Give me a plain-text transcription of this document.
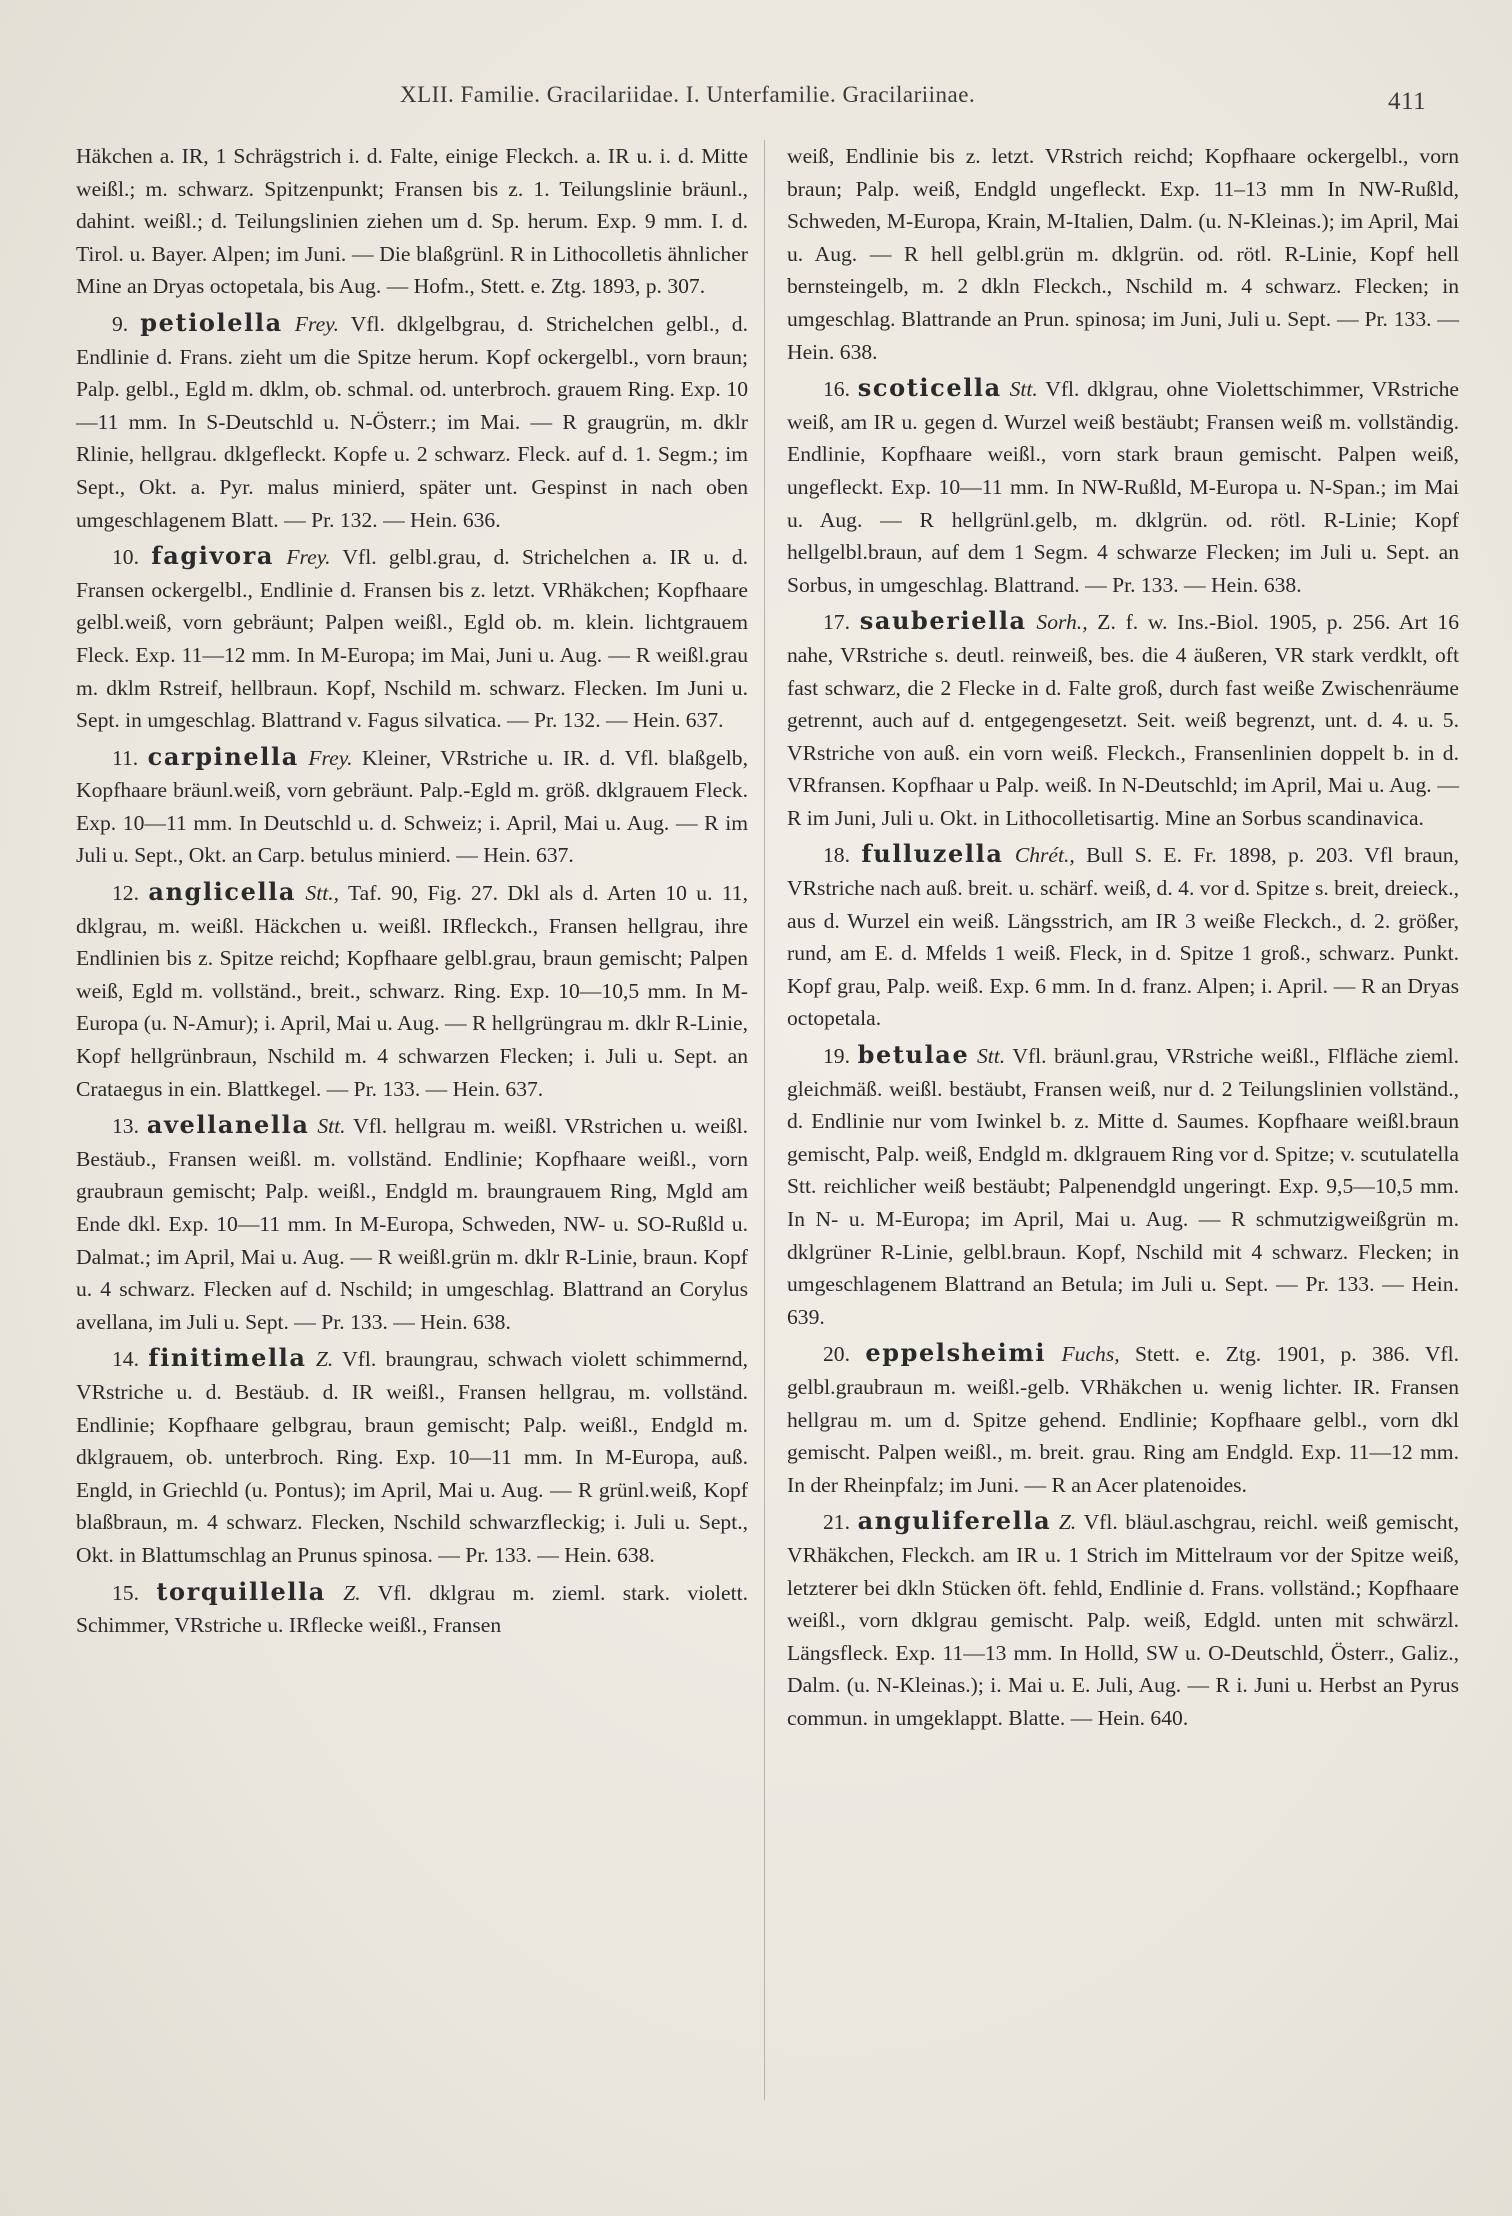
XLII. Familie. Gracilariidae. I. Unterfamilie. Gracilariinae.	411

Häkchen a. IR, 1 Schrägstrich i. d. Falte, einige Fleckch. a. IR u. i. d. Mitte weißl.; m. schwarz. Spitzenpunkt; Fransen bis z. 1. Teilungslinie bräunl., dahint. weißl.; d. Teilungslinien ziehen um d. Sp. herum. Exp. 9 mm. I. d. Tirol. u. Bayer. Alpen; im Juni. — Die blaßgrünl. R in Lithocolletis ähnlicher Mine an Dryas octopetala, bis Aug. — Hofm., Stett. e. Ztg. 1893, p. 307.

9. petiolella Frey. Vfl. dklgelbgrau, d. Strichelchen gelbl., d. Endlinie d. Frans. zieht um die Spitze herum. Kopf ockergelbl., vorn braun; Palp. gelbl., Egld m. dklm, ob. schmal. od. unterbroch. grauem Ring. Exp. 10—11 mm. In S-Deutschld u. N-Österr.; im Mai. — R graugrün, m. dklr Rlinie, hellgrau. dklgefleckt. Kopfe u. 2 schwarz. Fleck. auf d. 1. Segm.; im Sept., Okt. a. Pyr. malus minierd, später unt. Gespinst in nach oben umgeschlagenem Blatt. — Pr. 132. — Hein. 636.

10. fagivora Frey. Vfl. gelbl.grau, d. Strichelchen a. IR u. d. Fransen ockergelbl., Endlinie d. Fransen bis z. letzt. VRhäkchen; Kopfhaare gelbl.weiß, vorn gebräunt; Palpen weißl., Egld ob. m. klein. lichtgrauem Fleck. Exp. 11—12 mm. In M-Europa; im Mai, Juni u. Aug. — R weißl.grau m. dklm Rstreif, hellbraun. Kopf, Nschild m. schwarz. Flecken. Im Juni u. Sept. in umgeschlag. Blattrand v. Fagus silvatica. — Pr. 132. — Hein. 637.

11. carpinella Frey. Kleiner, VRstriche u. IR. d. Vfl. blaßgelb, Kopfhaare bräunl.weiß, vorn gebräunt. Palp.-Egld m. größ. dklgrauem Fleck. Exp. 10—11 mm. In Deutschld u. d. Schweiz; i. April, Mai u. Aug. — R im Juli u. Sept., Okt. an Carp. betulus minierd. — Hein. 637.

12. anglicella Stt., Taf. 90, Fig. 27. Dkl als d. Arten 10 u. 11, dklgrau, m. weißl. Häckchen u. weißl. IRfleckch., Fransen hellgrau, ihre Endlinien bis z. Spitze reichd; Kopfhaare gelbl.grau, braun gemischt; Palpen weiß, Egld m. vollständ., breit., schwarz. Ring. Exp. 10—10,5 mm. In M-Europa (u. N-Amur); i. April, Mai u. Aug. — R hellgrüngrau m. dklr R-Linie, Kopf hellgrünbraun, Nschild m. 4 schwarzen Flecken; i. Juli u. Sept. an Crataegus in ein. Blattkegel. — Pr. 133. — Hein. 637.

13. avellanella Stt. Vfl. hellgrau m. weißl. VRstrichen u. weißl. Bestäub., Fransen weißl. m. vollständ. Endlinie; Kopfhaare weißl., vorn graubraun gemischt; Palp. weißl., Endgld m. braungrauem Ring, Mgld am Ende dkl. Exp. 10—11 mm. In M-Europa, Schweden, NW- u. SO-Rußld u. Dalmat.; im April, Mai u. Aug. — R weißl.grün m. dklr R-Linie, braun. Kopf u. 4 schwarz. Flecken auf d. Nschild; in umgeschlag. Blattrand an Corylus avellana, im Juli u. Sept. — Pr. 133. — Hein. 638.

14. finitimella Z. Vfl. braungrau, schwach violett schimmernd, VRstriche u. d. Bestäub. d. IR weißl., Fransen hellgrau, m. vollständ. Endlinie; Kopfhaare gelbgrau, braun gemischt; Palp. weißl., Endgld m. dklgrauem, ob. unterbroch. Ring. Exp. 10—11 mm. In M-Europa, auß. Engld, in Griechld (u. Pontus); im April, Mai u. Aug. — R grünl.weiß, Kopf blaßbraun, m. 4 schwarz. Flecken, Nschild schwarzfleckig; i. Juli u. Sept., Okt. in Blattumschlag an Prunus spinosa. — Pr. 133. — Hein. 638.

15. torquillella Z. Vfl. dklgrau m. zieml. stark. violett. Schimmer, VRstriche u. IRflecke weißl., Fransen

weiß, Endlinie bis z. letzt. VRstrich reichd; Kopfhaare ockergelbl., vorn braun; Palp. weiß, Endgld ungefleckt. Exp. 11–13 mm In NW-Rußld, Schweden, M-Europa, Krain, M-Italien, Dalm. (u. N-Kleinas.); im April, Mai u. Aug. — R hell gelbl.grün m. dklgrün. od. rötl. R-Linie, Kopf hell bernsteingelb, m. 2 dkln Fleckch., Nschild m. 4 schwarz. Flecken; in umgeschlag. Blattrande an Prun. spinosa; im Juni, Juli u. Sept. — Pr. 133. — Hein. 638.

16. scoticella Stt. Vfl. dklgrau, ohne Violettschimmer, VRstriche weiß, am IR u. gegen d. Wurzel weiß bestäubt; Fransen weiß m. vollständig. Endlinie, Kopfhaare weißl., vorn stark braun gemischt. Palpen weiß, ungefleckt. Exp. 10—11 mm. In NW-Rußld, M-Europa u. N-Span.; im Mai u. Aug. — R hellgrünl.gelb, m. dklgrün. od. rötl. R-Linie; Kopf hellgelbl.braun, auf dem 1 Segm. 4 schwarze Flecken; im Juli u. Sept. an Sorbus, in umgeschlag. Blattrand. — Pr. 133. — Hein. 638.

17. sauberiella Sorh., Z. f. w. Ins.-Biol. 1905, p. 256. Art 16 nahe, VRstriche s. deutl. reinweiß, bes. die 4 äußeren, VR stark verdklt, oft fast schwarz, die 2 Flecke in d. Falte groß, durch fast weiße Zwischenräume getrennt, auch auf d. entgegengesetzt. Seit. weiß begrenzt, unt. d. 4. u. 5. VRstriche von auß. ein vorn weiß. Fleckch., Fransenlinien doppelt b. in d. VRfransen. Kopfhaar u Palp. weiß. In N-Deutschld; im April, Mai u. Aug. — R im Juni, Juli u. Okt. in Lithocolletisartig. Mine an Sorbus scandinavica.

18. fulluzella Chrét., Bull S. E. Fr. 1898, p. 203. Vfl braun, VRstriche nach auß. breit. u. schärf. weiß, d. 4. vor d. Spitze s. breit, dreieck., aus d. Wurzel ein weiß. Längsstrich, am IR 3 weiße Fleckch., d. 2. größer, rund, am E. d. Mfelds 1 weiß. Fleck, in d. Spitze 1 groß., schwarz. Punkt. Kopf grau, Palp. weiß. Exp. 6 mm. In d. franz. Alpen; i. April. — R an Dryas octopetala.

19. betulae Stt. Vfl. bräunl.grau, VRstriche weißl., Flfläche zieml. gleichmäß. weißl. bestäubt, Fransen weiß, nur d. 2 Teilungslinien vollständ., d. Endlinie nur vom Iwinkel b. z. Mitte d. Saumes. Kopfhaare weißl.braun gemischt, Palp. weiß, Endgld m. dklgrauem Ring vor d. Spitze; v. scutulatella Stt. reichlicher weiß bestäubt; Palpenendgld ungeringt. Exp. 9,5—10,5 mm. In N- u. M-Europa; im April, Mai u. Aug. — R schmutzigweißgrün m. dklgrüner R-Linie, gelbl.braun. Kopf, Nschild mit 4 schwarz. Flecken; in umgeschlagenem Blattrand an Betula; im Juli u. Sept. — Pr. 133. — Hein. 639.

20. eppelsheimi Fuchs, Stett. e. Ztg. 1901, p. 386. Vfl. gelbl.graubraun m. weißl.-gelb. VRhäkchen u. wenig lichter. IR. Fransen hellgrau m. um d. Spitze gehend. Endlinie; Kopfhaare gelbl., vorn dkl gemischt. Palpen weißl., m. breit. grau. Ring am Endgld. Exp. 11—12 mm. In der Rheinpfalz; im Juni. — R an Acer platenoides.

21. anguliferella Z. Vfl. bläul.aschgrau, reichl. weiß gemischt, VRhäkchen, Fleckch. am IR u. 1 Strich im Mittelraum vor der Spitze weiß, letzterer bei dkln Stücken öft. fehld, Endlinie d. Frans. vollständ.; Kopfhaare weißl., vorn dklgrau gemischt. Palp. weiß, Edgld. unten mit schwärzl. Längsfleck. Exp. 11—13 mm. In Holld, SW u. O-Deutschld, Österr., Galiz., Dalm. (u. N-Kleinas.); i. Mai u. E. Juli, Aug. — R i. Juni u. Herbst an Pyrus commun. in umgeklappt. Blatte. — Hein. 640.
